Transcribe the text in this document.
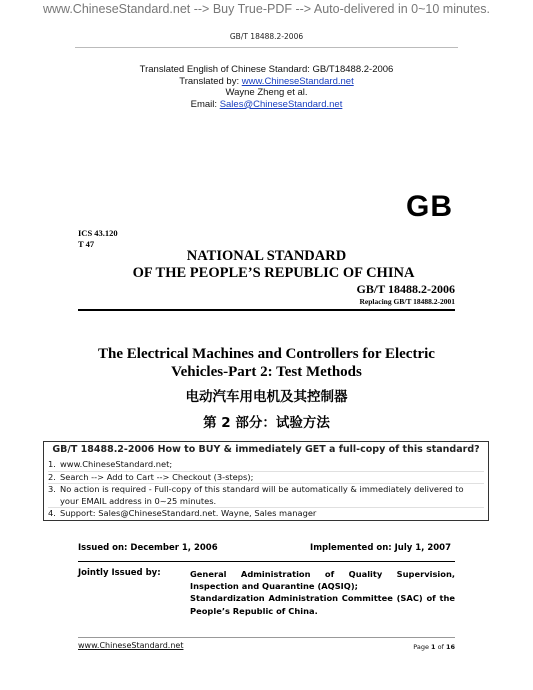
www.ChineseStandard.net --> Buy True-PDF --> Auto-delivered in 0~10 minutes.
GB/T 18488.2-2006
Translated English of Chinese Standard: GB/T18488.2-2006
Translated by: www.ChineseStandard.net
Wayne Zheng et al.
Email: Sales@ChineseStandard.net
GB
ICS 43.120
T 47
NATIONAL STANDARD
OF THE PEOPLE’S REPUBLIC OF CHINA
GB/T 18488.2-2006
Replacing GB/T 18488.2-2001
The Electrical Machines and Controllers for Electric
Vehicles-Part 2: Test Methods
电动汽车用电机及其控制器
第 2 部分：试验方法
GB/T 18488.2-2006 How to BUY & immediately GET a full-copy of this standard?
1. www.ChineseStandard.net;
2. Search --> Add to Cart --> Checkout (3-steps);
3. No action is required - Full-copy of this standard will be automatically & immediately delivered to your EMAIL address in 0~25 minutes.
4. Support: Sales@ChineseStandard.net. Wayne, Sales manager
Issued on: December 1, 2006	Implemented on: July 1, 2007
Jointly Issued by:	General Administration of Quality Supervision, Inspection and Quarantine (AQSIQ);
Standardization Administration Committee (SAC) of the People’s Republic of China.
www.ChineseStandard.net	Page 1 of 16
